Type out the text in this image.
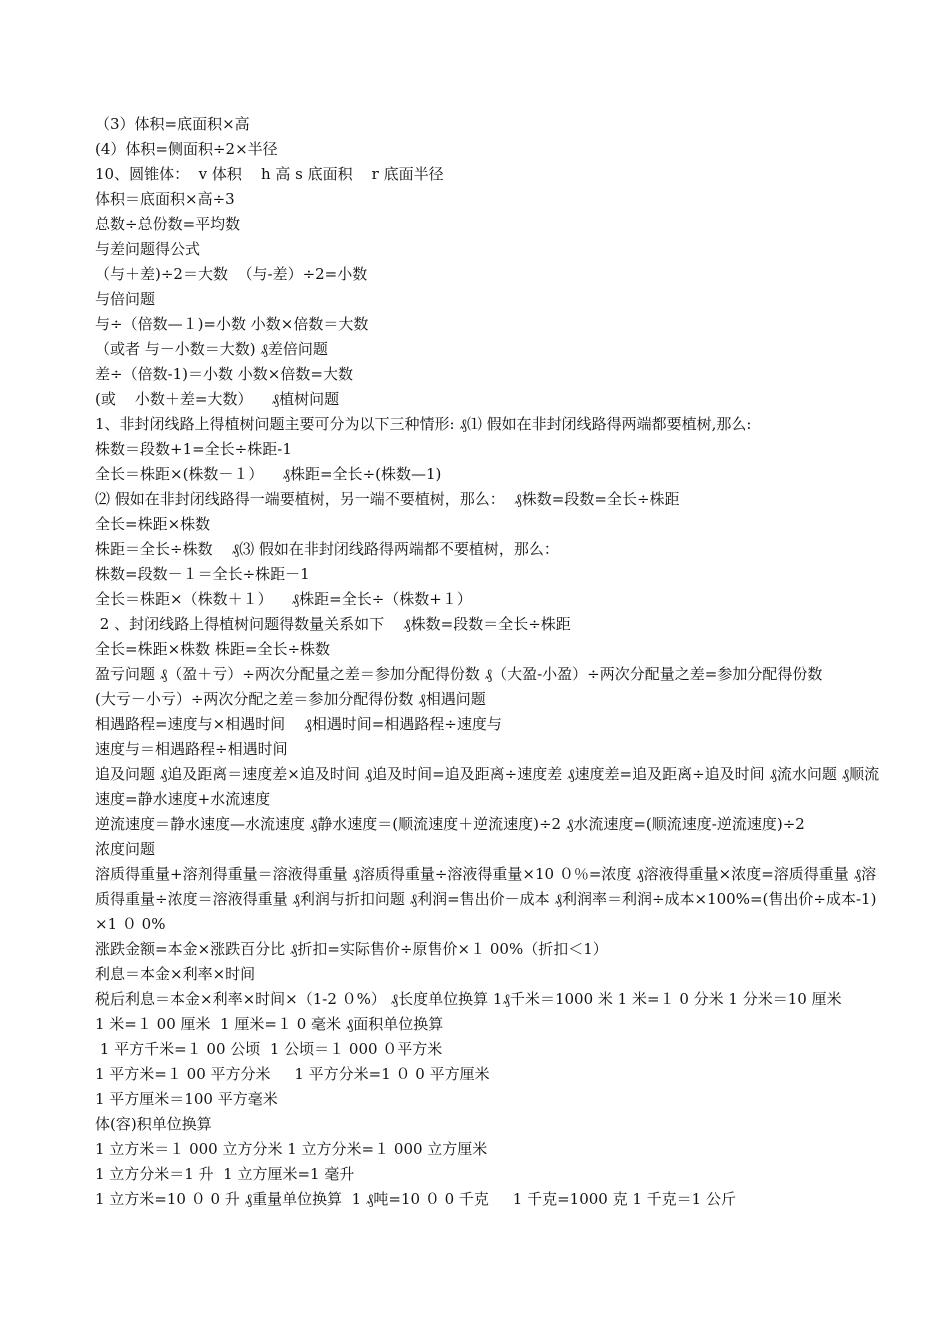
（3）体积=底面积×高
(4）体积=侧面积÷2×半径
10、圆锥体：  v 体积    h 高 s 底面积    r 底面半径
体积＝底面积×高÷3
总数÷总份数=平均数
与差问题得公式
（与＋差)÷2＝大数  （与-差）÷2=小数
与倍问题
与÷（倍数—１)=小数 小数×倍数＝大数
（或者 与－小数＝大数) ₰差倍问题
差÷（倍数-1)＝小数 小数×倍数=大数
(或    小数＋差=大数）    ₰植树问题
1、非封闭线路上得植树问题主要可分为以下三种情形: ₰⑴ 假如在非封闭线路得两端都要植树,那么:
株数＝段数+1=全长÷株距-1
全长＝株距×(株数－１）    ₰株距=全长÷(株数—1)
⑵ 假如在非封闭线路得一端要植树，另一端不要植树，那么：  ₰株数=段数=全长÷株距
全长=株距×株数
株距＝全长÷株数    ₰⑶ 假如在非封闭线路得两端都不要植树，那么：
株数=段数－１＝全长÷株距－1
全长＝株距×（株数＋１）    ₰株距=全长÷（株数+１）
2 、封闭线路上得植树问题得数量关系如下    ₰株数=段数＝全长÷株距
全长=株距×株数 株距=全长÷株数
盈亏问题 ₰（盈＋亏）÷两次分配量之差＝参加分配得份数 ₰（大盈-小盈）÷两次分配量之差=参加分配得份数
(大亏－小亏）÷两次分配之差＝参加分配得份数 ₰相遇问题
相遇路程=速度与×相遇时间    ₰相遇时间=相遇路程÷速度与
速度与＝相遇路程÷相遇时间
追及问题 ₰追及距离＝速度差×追及时间 ₰追及时间=追及距离÷速度差 ₰速度差=追及距离÷追及时间 ₰流水问题 ₰顺流速度=静水速度+水流速度
逆流速度＝静水速度—水流速度 ₰静水速度＝(顺流速度＋逆流速度)÷2 ₰水流速度=(顺流速度-逆流速度)÷2
浓度问题
溶质得重量+溶剂得重量＝溶液得重量 ₰溶质得重量÷溶液得重量×10 ０％=浓度 ₰溶液得重量×浓度=溶质得重量 ₰溶质得重量÷浓度＝溶液得重量 ₰利润与折扣问题 ₰利润=售出价－成本 ₰利润率＝利润÷成本×100%=(售出价÷成本-1)×1 ０ 0%
涨跌金额=本金×涨跌百分比 ₰折扣=实际售价÷原售价×１ 00%（折扣＜1）
利息＝本金×利率×时间
税后利息＝本金×利率×时间×（1-2 ０%） ₰长度单位换算 1₰千米＝1000 米 1 米=１ 0 分米 1 分米＝10 厘米
1 米=１ 00 厘米  1 厘米=１ 0 毫米 ₰面积单位换算
1 平方千米=１ 00 公顷  1 公顷＝１ 000 ０平方米
1 平方米=１ 00 平方分米     1 平方分米=1 ０ 0 平方厘米
1 平方厘米＝100 平方毫米
体(容)积单位换算
1 立方米＝１ 000 立方分米 1 立方分米=１ 000 立方厘米
1 立方分米＝1 升  1 立方厘米=1 毫升
1 立方米=10 ０ 0 升 ₰重量单位换算  1 ₰吨=10 ０ 0 千克     1 千克=1000 克 1 千克＝1 公斤
